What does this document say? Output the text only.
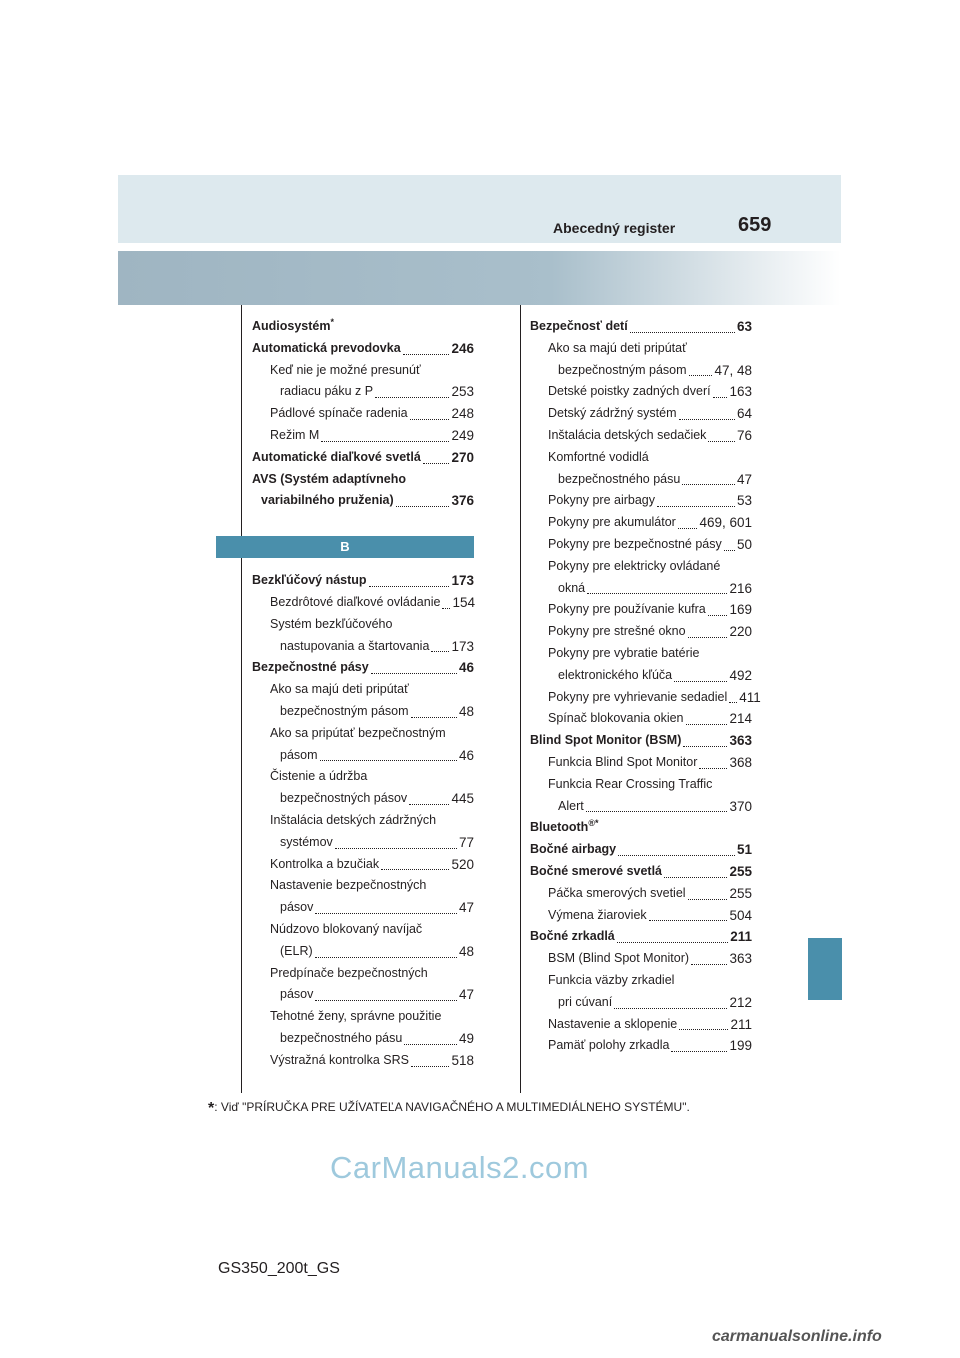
Abecedný register	659
Audiosystém*
Automatická prevodovka	246
Keď nie je možné presunúť
radiacu páku z P	253
Pádlové spínače radenia	248
Režim M	249
Automatické diaľkové svetlá 270
AVS (Systém adaptívneho
variabilného pruženia)	376
B
Bezkľúčový nástup	173
Bezdrôtové diaľkové ovládanie 154
Systém bezkľúčového
nastupovania a štartovania 173
Bezpečnostné pásy	46
Ako sa majú deti pripútať
bezpečnostným pásom	48
Ako sa pripútať bezpečnostným
pásom	46
Čistenie a údržba
bezpečnostných pásov	445
Inštalácia detských zádržných
systémov	77
Kontrolka a bzučiak	520
Nastavenie bezpečnostných
pásov	47
Núdzovo blokovaný navíjač
(ELR)	48
Predpínače bezpečnostných
pásov	47
Tehotné ženy, správne použitie
bezpečnostného pásu	49
Výstražná kontrolka SRS	518
Bezpečnosť detí	63
Ako sa majú deti pripútať
bezpečnostným pásom 47, 48
Detské poistky zadných dverí 163
Detský zádržný systém	64
Inštalácia detských sedačiek 76
Komfortné vodidlá
bezpečnostného pásu	47
Pokyny pre airbagy	53
Pokyny pre akumulátor 469, 601
Pokyny pre bezpečnostné pásy 50
Pokyny pre elektricky ovládané
okná	216
Pokyny pre používanie kufra 169
Pokyny pre strešné okno	220
Pokyny pre vybratie batérie
elektronického kľúča	492
Pokyny pre vyhrievanie sedadiel 411
Spínač blokovania okien	214
Blind Spot Monitor (BSM)	363
Funkcia Blind Spot Monitor 368
Funkcia Rear Crossing Traffic
Alert	370
Bluetooth®*
Bočné airbagy	51
Bočné smerové svetlá	255
Páčka smerových svetiel	255
Výmena žiaroviek	504
Bočné zrkadlá	211
BSM (Blind Spot Monitor)	363
Funkcia väzby zrkadiel
pri cúvaní	212
Nastavenie a sklopenie	211
Pamäť polohy zrkadla	199
*: Viď "PRÍRUČKA PRE UŽÍVATEĽA NAVIGAČNÉHO A MULTIMEDIÁLNEHO SYSTÉMU".
CarManuals2.com
GS350_200t_GS
carmanualsonline.info
